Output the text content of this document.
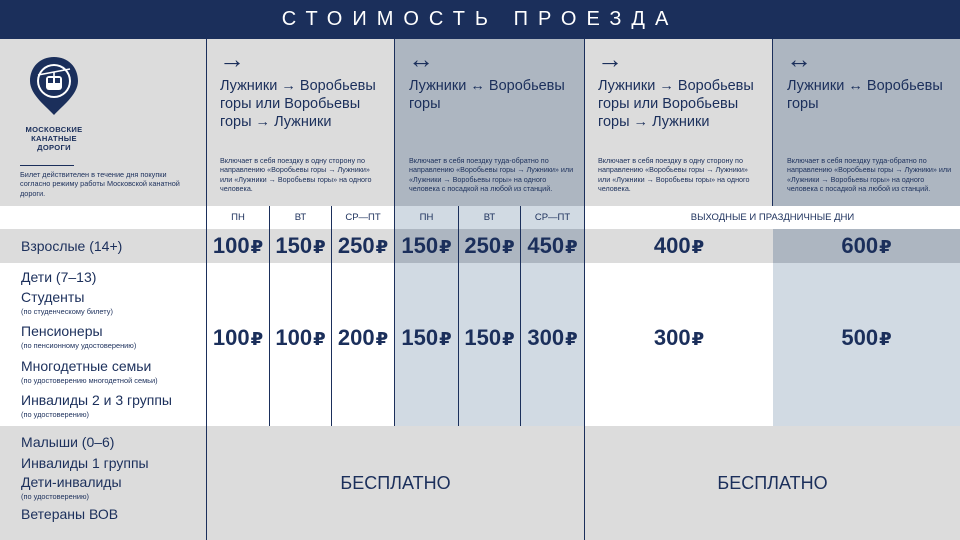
СТОИМОСТЬ ПРОЕЗДА
МОСКОВСКИЕ
КАНАТНЫЕ
ДОРОГИ
Билет действителен в течение дня покупки согласно режиму работы Московской канатной дороги.
→
Лужники → Воробьевы горы или Воробьевы горы → Лужники
Включает в себя поездку в одну сторону по направлению «Воробьевы горы → Лужники» или «Лужники → Воробьевы горы» на одного человека.
↔
Лужники ↔ Воробьевы горы
Включает в себя поездку туда-обратно по направлению «Воробьевы горы → Лужники» или «Лужники → Воробьевы горы» на одного человека с посадкой на любой из станций.
→
Лужники → Воробьевы горы или Воробьевы горы → Лужники
Включает в себя поездку в одну сторону по направлению «Воробьевы горы → Лужники» или «Лужники → Воробьевы горы» на одного человека.
↔
Лужники ↔ Воробьевы горы
Включает в себя поездку туда-обратно по направлению «Воробьевы горы → Лужники» или «Лужники → Воробьевы горы» на одного человека с посадкой на любой из станций.
ПН	ВТ	СР—ПТ	ПН	ВТ	СР—ПТ	ВЫХОДНЫЕ И ПРАЗДНИЧНЫЕ ДНИ
Взрослые (14+)	100₽ 150₽ 250₽ 150₽ 250₽ 450₽	400₽	600₽
Дети (7–13)
Студенты
(по студенческому билету)
Пенсионеры
(по пенсионному удостоверению)
Многодетные семьи
(по удостоверению многодетной семьи)
Инвалиды 2 и 3 группы
(по удостоверению)
100₽ 100₽ 200₽ 150₽ 150₽ 300₽	300₽	500₽
Малыши (0–6)
Инвалиды 1 группы
Дети-инвалиды
(по удостоверению)
Ветераны ВОВ
БЕСПЛАТНО	БЕСПЛАТНО
